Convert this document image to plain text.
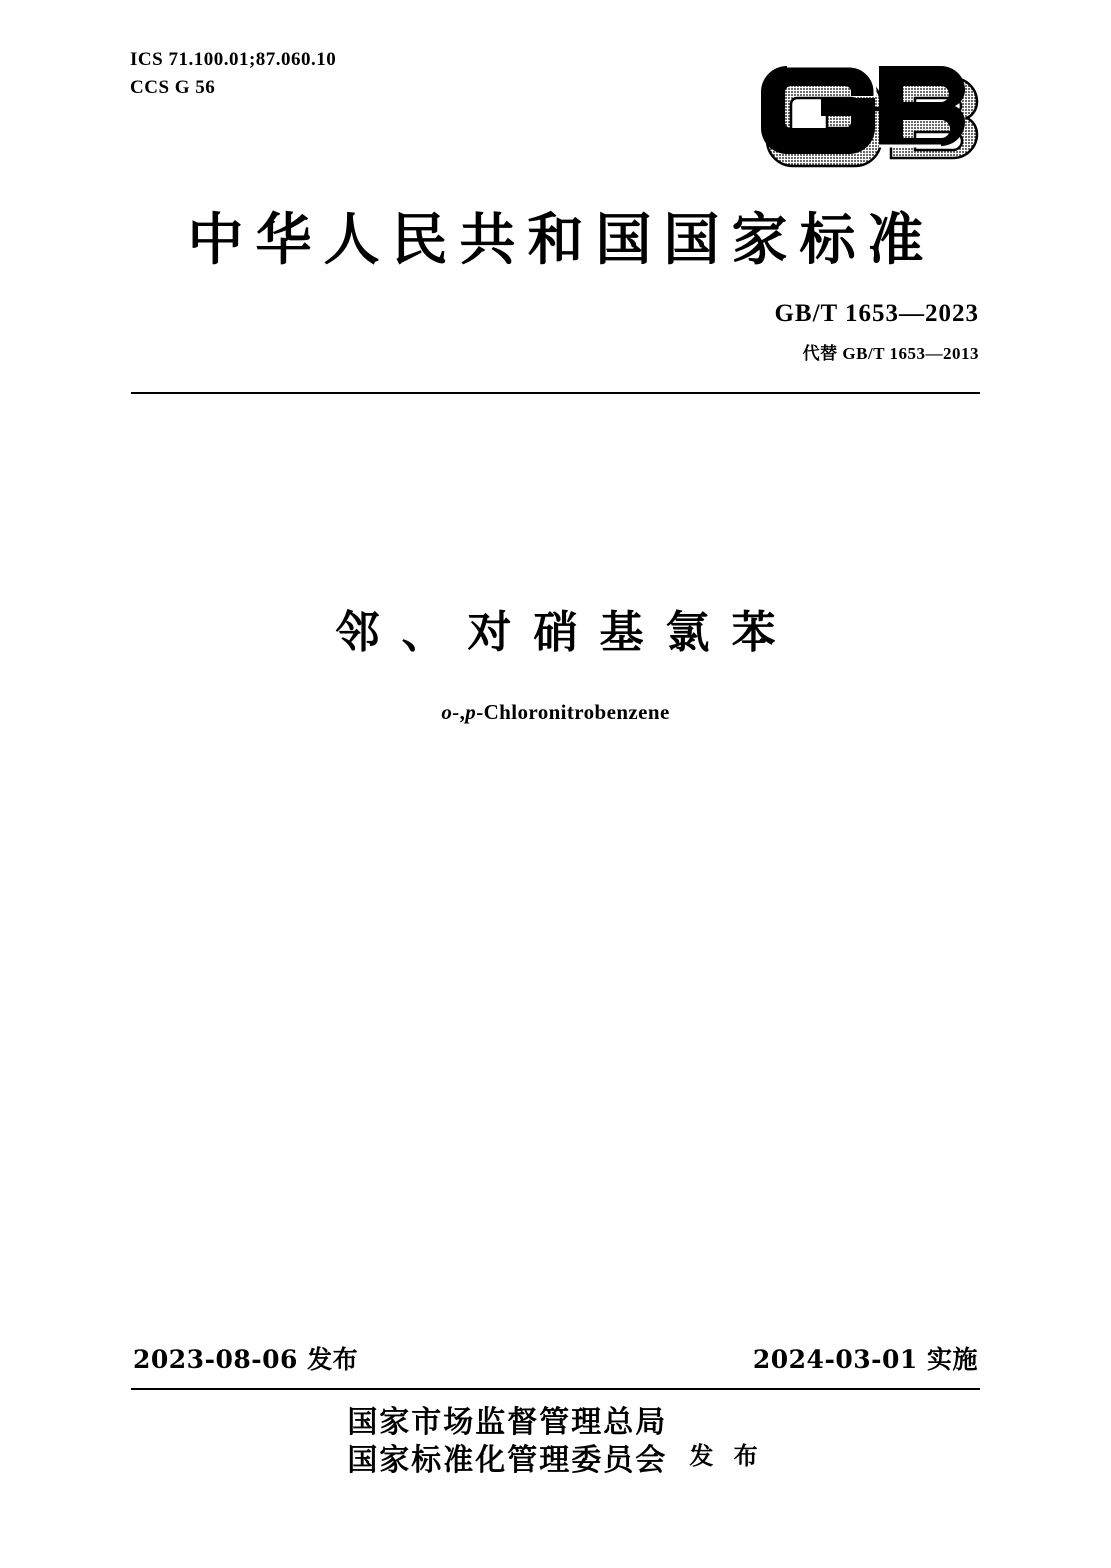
ICS 71.100.01;87.060.10
CCS G 56
中华人民共和国国家标准
GB/T 1653—2023
代替 GB/T 1653—2013
邻、对硝基氯苯
o-,p-Chloronitrobenzene
2023-08-06 发布	2024-03-01 实施
国家市场监督管理总局
国家标准化管理委员会 发 布
